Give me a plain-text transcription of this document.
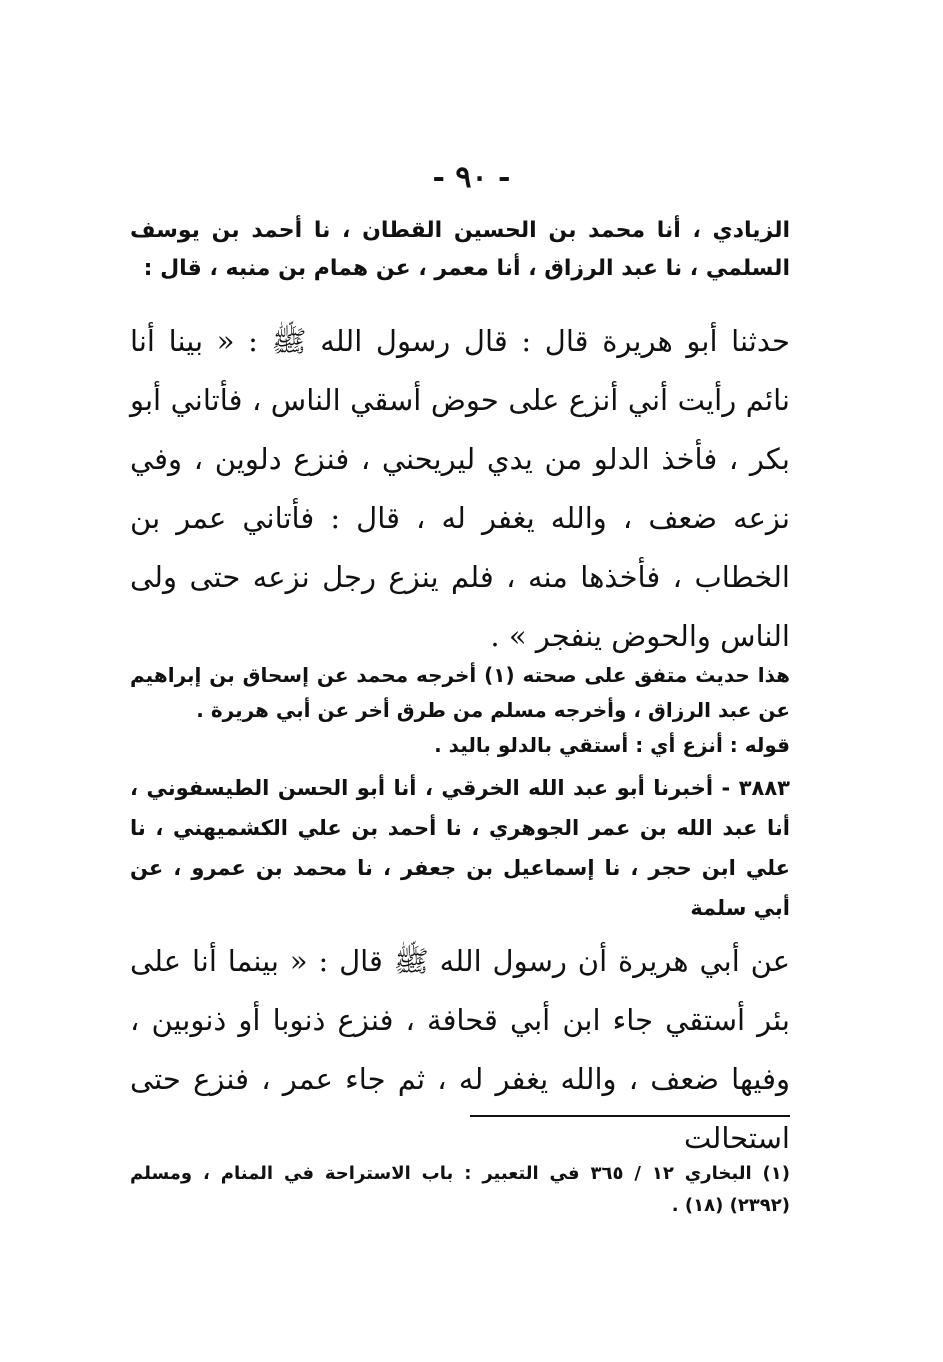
- ٩٠ -
الزيادي ، أنا محمد بن الحسين القطان ، نا أحمد بن يوسف السلمي ، نا عبد الرزاق ، أنا معمر ، عن همام بن منبه ، قال :
حدثنا أبو هريرة قال : قال رسول الله ﷺ : « بينا أنا نائم رأيت أني أنزع على حوض أسقي الناس ، فأتاني أبو بكر ، فأخذ الدلو من يدي ليريحني ، فنزع دلوين ، وفي نزعه ضعف ، والله يغفر له ، قال : فأتاني عمر بن الخطاب ، فأخذها منه ، فلم ينزع رجل نزعه حتى ولى الناس والحوض ينفجر » .
هذا حديث متفق على صحته (١) أخرجه محمد عن إسحاق بن إبراهيم عن عبد الرزاق ، وأخرجه مسلم من طرق أخر عن أبي هريرة .
قوله : أنزع أي : أستقي بالدلو باليد .
٣٨٨٣ - أخبرنا أبو عبد الله الخرقي ، أنا أبو الحسن الطيسفوني ، أنا عبد الله بن عمر الجوهري ، نا أحمد بن علي الكشميهني ، نا علي ابن حجر ، نا إسماعيل بن جعفر ، نا محمد بن عمرو ، عن أبي سلمة
عن أبي هريرة أن رسول الله ﷺ قال : « بينما أنا على بئر أستقي جاء ابن أبي قحافة ، فنزع ذنوبا أو ذنوبين ، وفيها ضعف ، والله يغفر له ، ثم جاء عمر ، فنزع حتى استحالت
(١) البخاري ١٢ / ٣٦٥ في التعبير : باب الاستراحة في المنام ، ومسلم (٢٣٩٢) (١٨) .
